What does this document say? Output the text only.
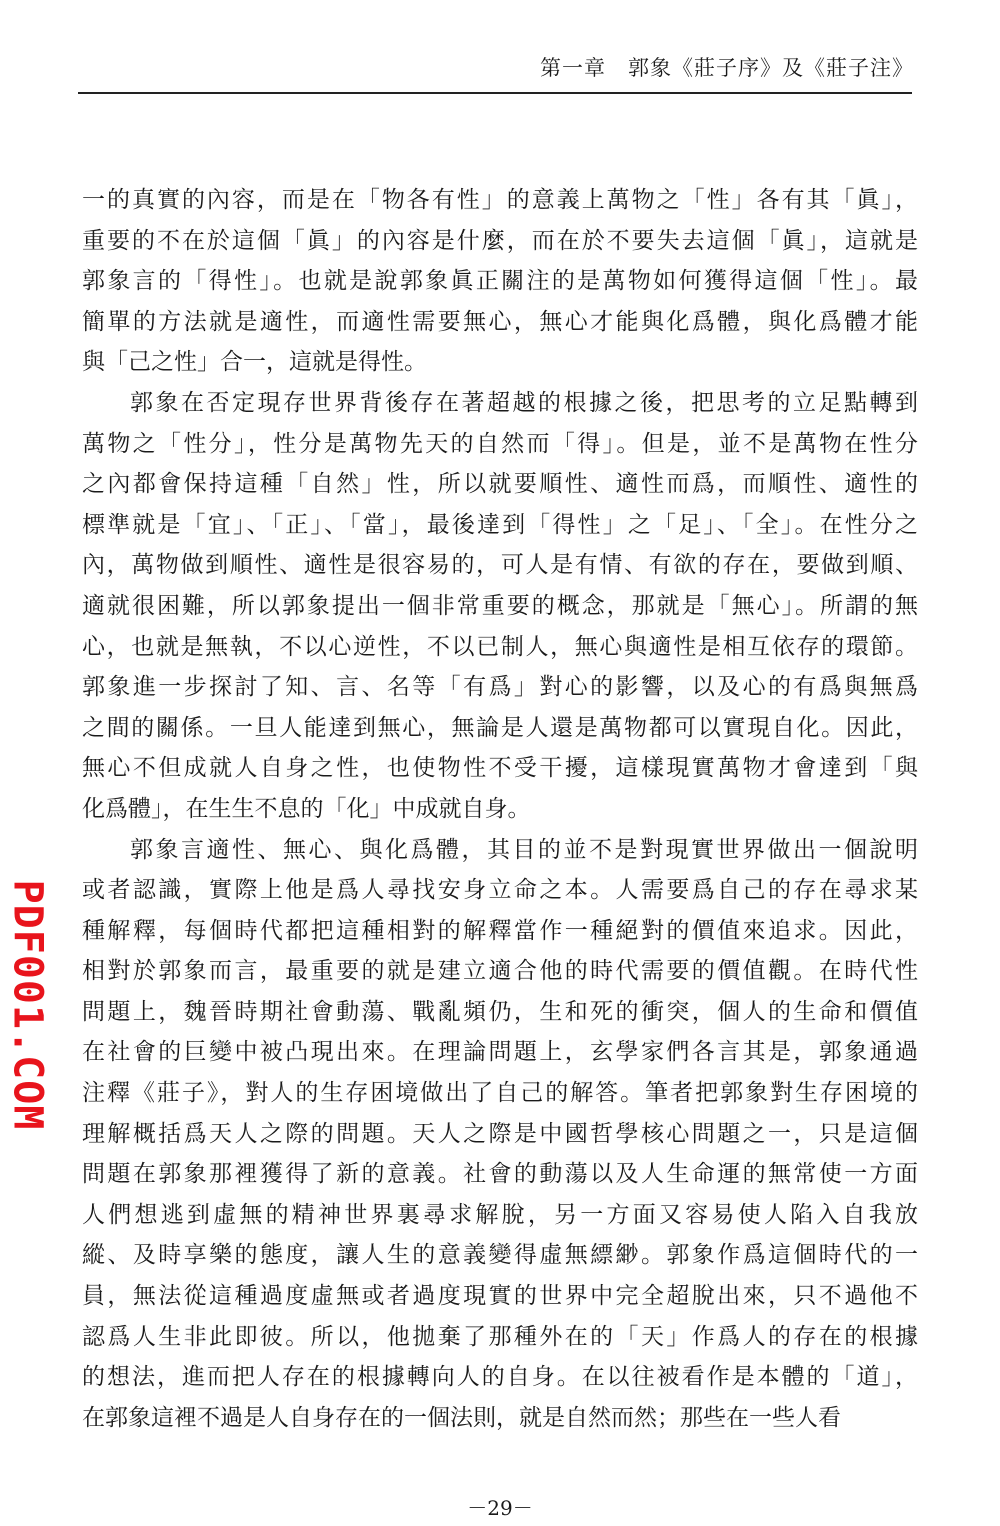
第一章　郭象《莊子序》及《莊子注》
一的真實的內容，而是在「物各有性」的意義上萬物之「性」各有其「眞」，
重要的不在於這個「眞」的內容是什麼，而在於不要失去這個「眞」，這就是
郭象言的「得性」。也就是說郭象眞正關注的是萬物如何獲得這個「性」。最
簡單的方法就是適性，而適性需要無心，無心才能與化爲體，與化爲體才能
與「己之性」合一，這就是得性。
郭象在否定現存世界背後存在著超越的根據之後，把思考的立足點轉到
萬物之「性分」，性分是萬物先天的自然而「得」。但是，並不是萬物在性分
之內都會保持這種「自然」性，所以就要順性、適性而爲，而順性、適性的
標準就是「宜」、「正」、「當」，最後達到「得性」之「足」、「全」。在性分之
內，萬物做到順性、適性是很容易的，可人是有情、有欲的存在，要做到順、
適就很困難，所以郭象提出一個非常重要的概念，那就是「無心」。所謂的無
心，也就是無執，不以心逆性，不以已制人，無心與適性是相互依存的環節。
郭象進一步探討了知、言、名等「有爲」對心的影響，以及心的有爲與無爲
之間的關係。一旦人能達到無心，無論是人還是萬物都可以實現自化。因此，
無心不但成就人自身之性，也使物性不受干擾，這樣現實萬物才會達到「與
化爲體」，在生生不息的「化」中成就自身。
郭象言適性、無心、與化爲體，其目的並不是對現實世界做出一個說明
或者認識，實際上他是爲人尋找安身立命之本。人需要爲自己的存在尋求某
種解釋，每個時代都把這種相對的解釋當作一種絕對的價值來追求。因此，
相對於郭象而言，最重要的就是建立適合他的時代需要的價值觀。在時代性
問題上，魏晉時期社會動蕩、戰亂頻仍，生和死的衝突，個人的生命和價值
在社會的巨變中被凸現出來。在理論問題上，玄學家們各言其是，郭象通過
注釋《莊子》，對人的生存困境做出了自己的解答。筆者把郭象對生存困境的
理解概括爲天人之際的問題。天人之際是中國哲學核心問題之一，只是這個
問題在郭象那裡獲得了新的意義。社會的動蕩以及人生命運的無常使一方面
人們想逃到虛無的精神世界裏尋求解脫，另一方面又容易使人陷入自我放
縱、及時享樂的態度，讓人生的意義變得虛無縹緲。郭象作爲這個時代的一
員，無法從這種過度虛無或者過度現實的世界中完全超脫出來，只不過他不
認爲人生非此即彼。所以，他拋棄了那種外在的「天」作爲人的存在的根據
的想法，進而把人存在的根據轉向人的自身。在以往被看作是本體的「道」，
在郭象這裡不過是人自身存在的一個法則，就是自然而然；那些在一些人看
PDF001.COM
－29－
